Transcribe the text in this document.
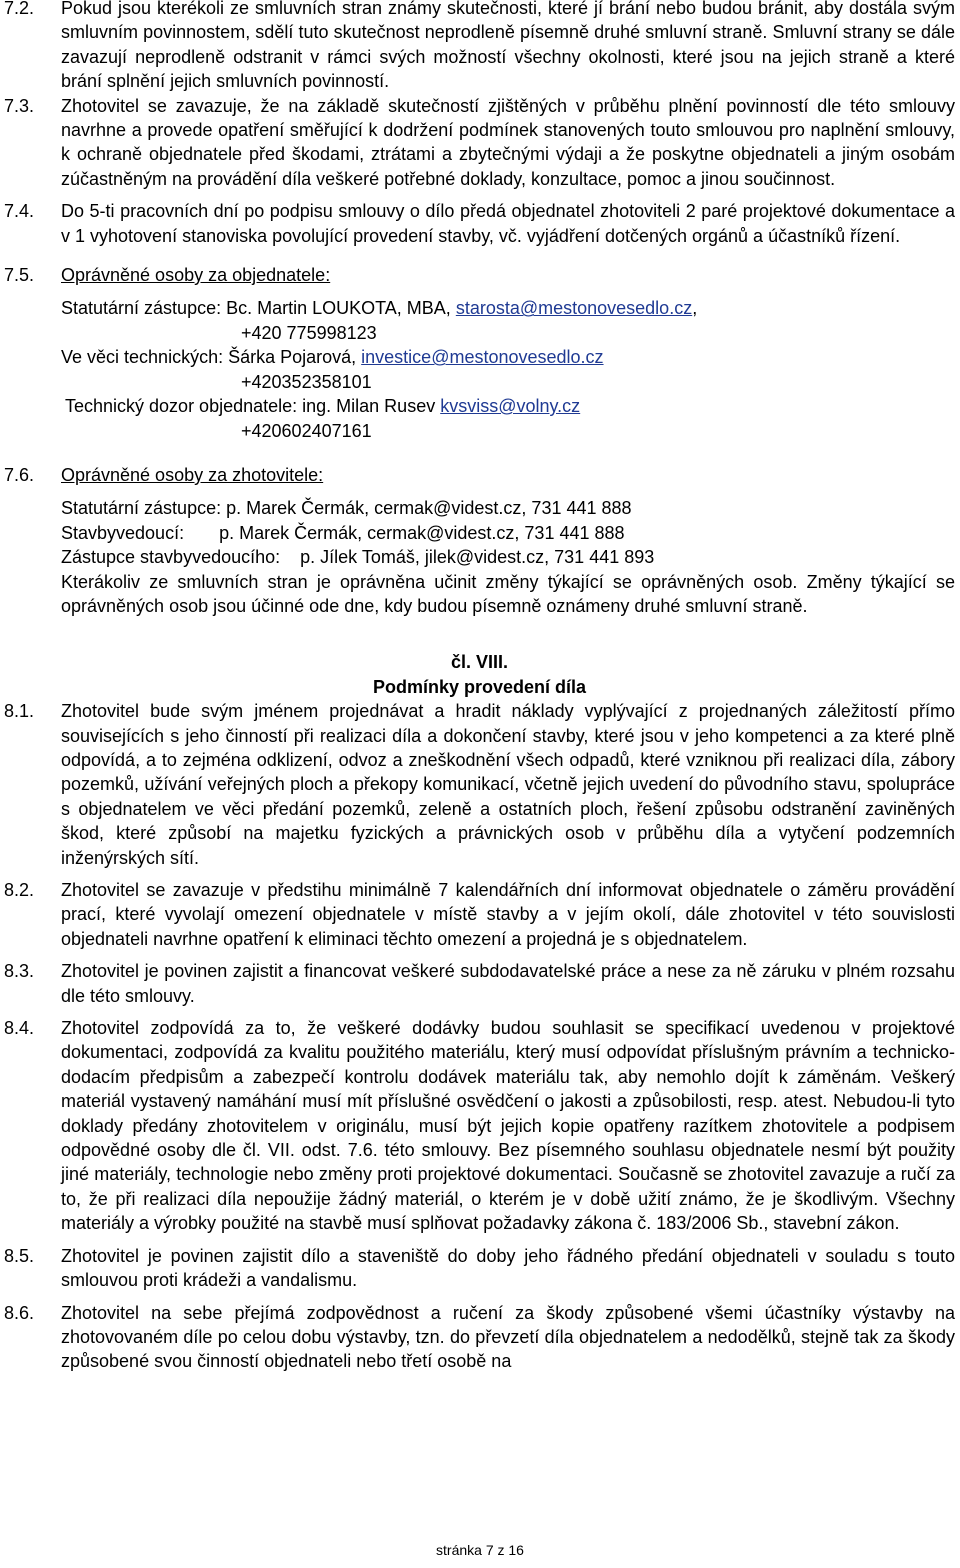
7.2. Pokud jsou kterékoli ze smluvních stran známy skutečnosti, které jí brání nebo budou bránit, aby dostála svým smluvním povinnostem, sdělí tuto skutečnost neprodleně písemně druhé smluvní straně. Smluvní strany se dále zavazují neprodleně odstranit v rámci svých možností všechny okolnosti, které jsou na jejich straně a které brání splnění jejich smluvních povinností.
7.3. Zhotovitel se zavazuje, že na základě skutečností zjištěných v průběhu plnění povinností dle této smlouvy navrhne a provede opatření směřující k dodržení podmínek stanovených touto smlouvou pro naplnění smlouvy, k ochraně objednatele před škodami, ztrátami a zbytečnými výdaji a že poskytne objednateli a jiným osobám zúčastněným na provádění díla veškeré potřebné doklady, konzultace, pomoc a jinou součinnost.
7.4. Do 5-ti pracovních dní po podpisu smlouvy o dílo předá objednatel zhotoviteli 2 paré projektové dokumentace a v 1 vyhotovení stanoviska povolující provedení stavby, vč. vyjádření dotčených orgánů a účastníků řízení.
7.5. Oprávněné osoby za objednatele:
Statutární zástupce: Bc. Martin LOUKOTA, MBA, starosta@mestonovesedlo.cz,
+420 775998123
Ve věci technických: Šárka Pojarová, investice@mestonovesedlo.cz
+420352358101
Technický dozor objednatele: ing. Milan Rusev kvsviss@volny.cz
+420602407161
7.6. Oprávněné osoby za zhotovitele:
Statutární zástupce: p. Marek Čermák, cermak@videst.cz, 731 441 888
Stavbyvedoucí:       p. Marek Čermák, cermak@videst.cz, 731 441 888
Zástupce stavbyvedoucího:    p. Jílek Tomáš, jilek@videst.cz, 731 441 893
Kterákoliv ze smluvních stran je oprávněna učinit změny týkající se oprávněných osob. Změny týkající se oprávněných osob jsou účinné ode dne, kdy budou písemně oznámeny druhé smluvní straně.
čl. VIII.
Podmínky provedení díla
8.1. Zhotovitel bude svým jménem projednávat a hradit náklady vyplývající z projednaných záležitostí přímo souvisejících s jeho činností při realizaci díla a dokončení stavby, které jsou v jeho kompetenci a za které plně odpovídá, a to zejména odklizení, odvoz a zneškodnění všech odpadů, které vzniknou při realizaci díla, zábory pozemků, užívání veřejných ploch a překopy komunikací, včetně jejich uvedení do původního stavu, spolupráce s objednatelem ve věci předání pozemků, zeleně a ostatních ploch, řešení způsobu odstranění zaviněných škod, které způsobí na majetku fyzických a právnických osob v průběhu díla a vytyčení podzemních inženýrských sítí.
8.2. Zhotovitel se zavazuje v předstihu minimálně 7 kalendářních dní informovat objednatele o záměru provádění prací, které vyvolají omezení objednatele v místě stavby a v jejím okolí, dále zhotovitel v této souvislosti objednateli navrhne opatření k eliminaci těchto omezení a projedná je s objednatelem.
8.3. Zhotovitel je povinen zajistit a financovat veškeré subdodavatelské práce a nese za ně záruku v plném rozsahu dle této smlouvy.
8.4. Zhotovitel zodpovídá za to, že veškeré dodávky budou souhlasit se specifikací uvedenou v projektové dokumentaci, zodpovídá za kvalitu použitého materiálu, který musí odpovídat příslušným právním a technicko-dodacím předpisům a zabezpečí kontrolu dodávek materiálu tak, aby nemohlo dojít k záměnám. Veškerý materiál vystavený namáhání musí mít příslušné osvědčení o jakosti a způsobilosti, resp. atest. Nebudou-li tyto doklady předány zhotovitelem v originálu, musí být jejich kopie opatřeny razítkem zhotovitele a podpisem odpovědné osoby dle čl. VII. odst. 7.6. této smlouvy. Bez písemného souhlasu objednatele nesmí být použity jiné materiály, technologie nebo změny proti projektové dokumentaci. Současně se zhotovitel zavazuje a ručí za to, že při realizaci díla nepoužije žádný materiál, o kterém je v době užití známo, že je škodlivým. Všechny materiály a výrobky použité na stavbě musí splňovat požadavky zákona č. 183/2006 Sb., stavební zákon.
8.5. Zhotovitel je povinen zajistit dílo a staveniště do doby jeho řádného předání objednateli v souladu s touto smlouvou proti krádeži a vandalismu.
8.6. Zhotovitel na sebe přejímá zodpovědnost a ručení za škody způsobené všemi účastníky výstavby na zhotovovaném díle po celou dobu výstavby, tzn. do převzetí díla objednatelem a nedodělků, stejně tak za škody způsobené svou činností objednateli nebo třetí osobě na
stránka 7 z 16
